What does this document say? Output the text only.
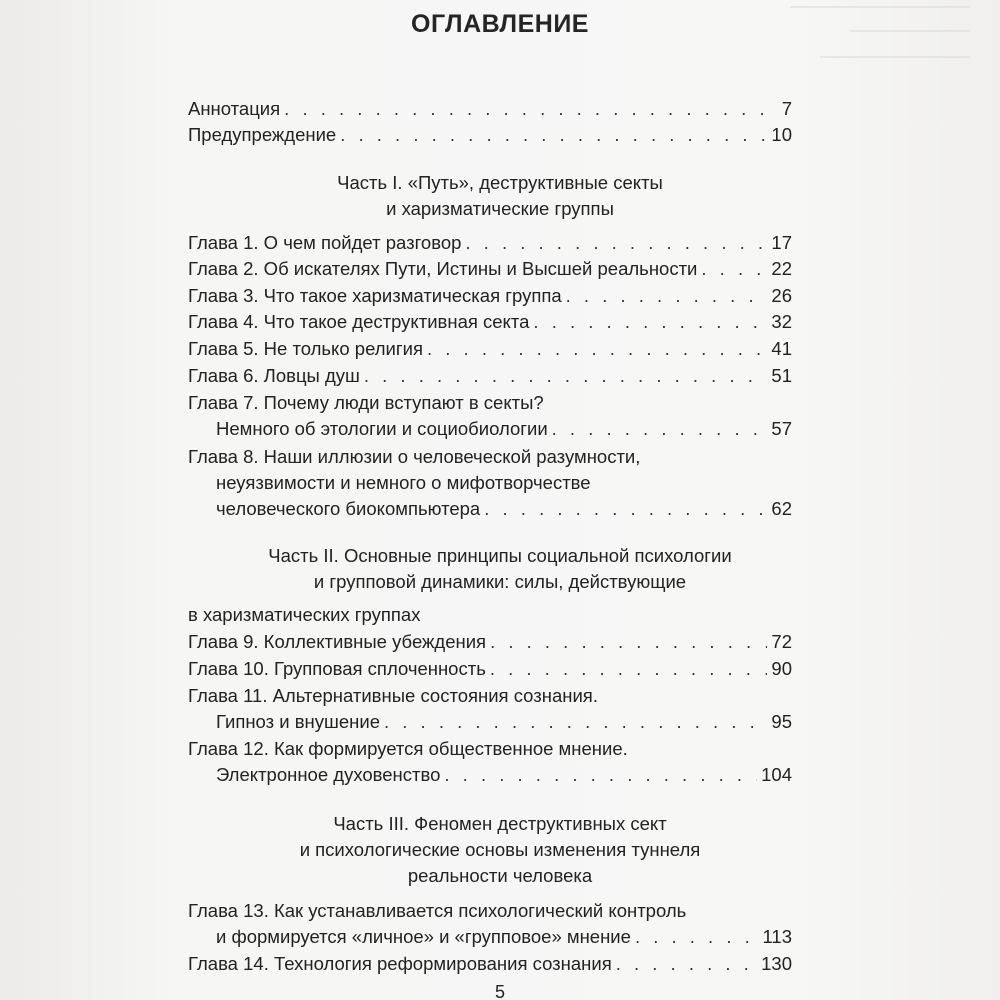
ОГЛАВЛЕНИЕ
Аннотация . . .	7
Предупреждение . . .	10
Часть I. «Путь», деструктивные секты
и харизматические группы
Глава 1. О чем пойдет разговор . . .	17
Глава 2. Об искателях Пути, Истины и Высшей реальности . . .	22
Глава 3. Что такое харизматическая группа . . .	26
Глава 4. Что такое деструктивная секта . . .	32
Глава 5. Не только религия . . .	41
Глава 6. Ловцы душ . . .	51
Глава 7. Почему люди вступают в секты?
Немного об этологии и социобиологии . . .	57
Глава 8. Наши иллюзии о человеческой разумности,
неуязвимости и немного о мифотворчестве
человеческого биокомпьютера . . .	62
Часть II. Основные принципы социальной психологии
и групповой динамики: силы, действующие
в харизматических группах
Глава 9. Коллективные убеждения . . .	72
Глава 10. Групповая сплоченность . . .	90
Глава 11. Альтернативные состояния сознания.
Гипноз и внушение . . .	95
Глава 12. Как формируется общественное мнение.
Электронное духовенство . . .	104
Часть III. Феномен деструктивных сект
и психологические основы изменения туннеля
реальности человека
Глава 13. Как устанавливается психологический контроль
и формируется «личное» и «групповое» мнение . . .	113
Глава 14. Технология реформирования сознания . . .	130
5
